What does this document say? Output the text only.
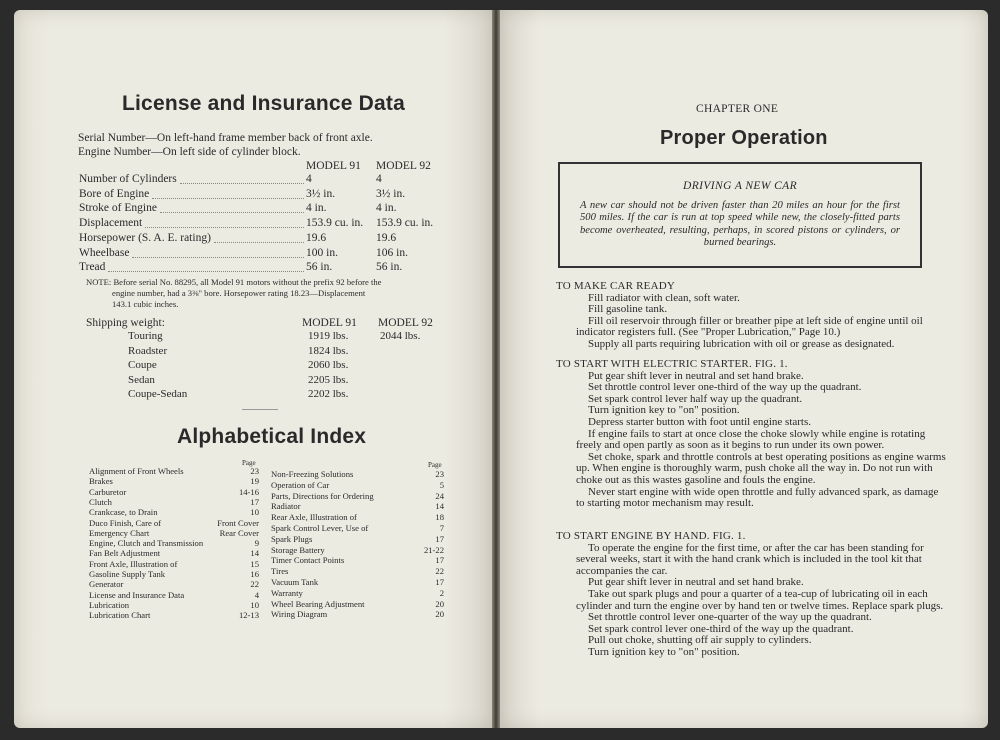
License and Insurance Data
Serial Number—On left-hand frame member back of front axle.
Engine Number—On left side of cylinder block.
MODEL 91 MODEL 92
Number of Cylinders	4	4
Bore of Engine	3½ in.	3½ in.
Stroke of Engine	4 in.	4 in.
Displacement	153.9 cu. in. 153.9 cu. in.
Horsepower (S. A. E. rating)	19.6	19.6
Wheelbase	100 in.	106 in.
Tread	56 in.	56 in.
NOTE: Before serial No. 88295, all Model 91 motors without the prefix 92 before the
engine number, had a 3⅜" bore. Horsepower rating 18.23—Displacement
143.1 cubic inches.
Shipping weight:	MODEL 91 MODEL 92
Touring	1919 lbs.	2044 lbs.
Roadster	1824 lbs.
Coupe	2060 lbs.
Sedan	2205 lbs.
Coupe-Sedan	2202 lbs.
Alphabetical Index
Page	Page
Alignment of Front Wheels	23
Brakes	19
Carburetor	14-16
Clutch	17
Crankcase, to Drain	10
Duco Finish, Care of	Front Cover
Emergency Chart	Rear Cover
Engine, Clutch and Transmission	9
Fan Belt Adjustment	14
Front Axle, Illustration of	15
Gasoline Supply Tank	16
Generator	22
License and Insurance Data	4
Lubrication	10
Lubrication Chart	12-13
Non-Freezing Solutions	23
Operation of Car	5
Parts, Directions for Ordering	24
Radiator	14
Rear Axle, Illustration of	18
Spark Control Lever, Use of	7
Spark Plugs	17
Storage Battery	21-22
Timer Contact Points	17
Tires	22
Vacuum Tank	17
Warranty	2
Wheel Bearing Adjustment	20
Wiring Diagram	20
CHAPTER ONE
Proper Operation
DRIVING A NEW CAR
A new car should not be driven faster than 20 miles an hour for the first 500 miles. If the car is run at top speed while new, the closely-fitted parts become overheated, resulting, perhaps, in scored pistons or cylinders, or burned bearings.
TO MAKE CAR READY

Fill radiator with clean, soft water.

Fill gasoline tank.

Fill oil reservoir through filler or breather pipe at left side of engine until oil indicator registers full. (See "Proper Lubrication," Page 10.)

Supply all parts requiring lubrication with oil or grease as designated.

TO START WITH ELECTRIC STARTER. FIG. 1.

Put gear shift lever in neutral and set hand brake.

Set throttle control lever one-third of the way up the quadrant.

Set spark control lever half way up the quadrant.

Turn ignition key to "on" position.

Depress starter button with foot until engine starts.

If engine fails to start at once close the choke slowly while engine is rotating freely and open partly as soon as it begins to run under its own power.

Set choke, spark and throttle controls at best operating positions as engine warms up. When engine is thoroughly warm, push choke all the way in. Do not run with choke out as this wastes gasoline and fouls the engine.

Never start engine with wide open throttle and fully advanced spark, as damage to starting motor mechanism may result.

TO START ENGINE BY HAND. FIG. 1.

To operate the engine for the first time, or after the car has been standing for several weeks, start it with the hand crank which is included in the tool kit that accompanies the car.

Put gear shift lever in neutral and set hand brake.

Take out spark plugs and pour a quarter of a tea-cup of lubricating oil in each cylinder and turn the engine over by hand ten or twelve times. Replace spark plugs.

Set throttle control lever one-quarter of the way up the quadrant.

Set spark control lever one-third of the way up the quadrant.

Pull out choke, shutting off air supply to cylinders.

Turn ignition key to "on" position.
